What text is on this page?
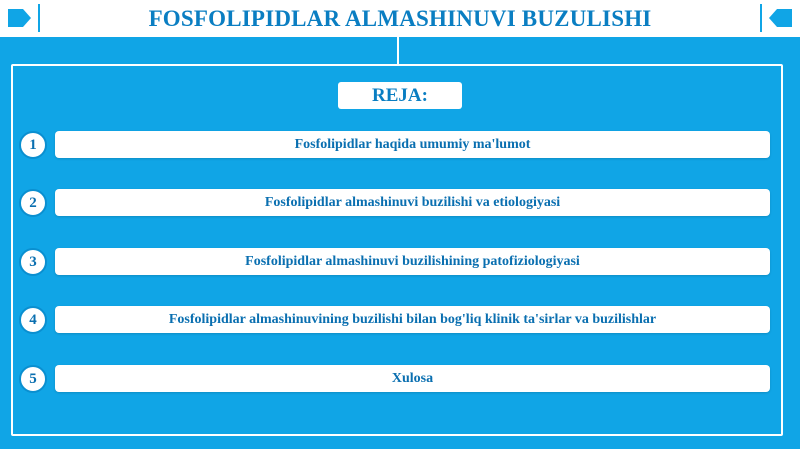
FOSFOLIPIDLAR ALMASHINUVI BUZULISHI
REJA:
1	Fosfolipidlar haqida umumiy ma'lumot
2	Fosfolipidlar almashinuvi buzilishi va etiologiyasi
3	Fosfolipidlar almashinuvi buzilishining patofiziologiyasi
4	Fosfolipidlar almashinuvining buzilishi bilan bog'liq klinik ta'sirlar va buzilishlar
5	Xulosa
